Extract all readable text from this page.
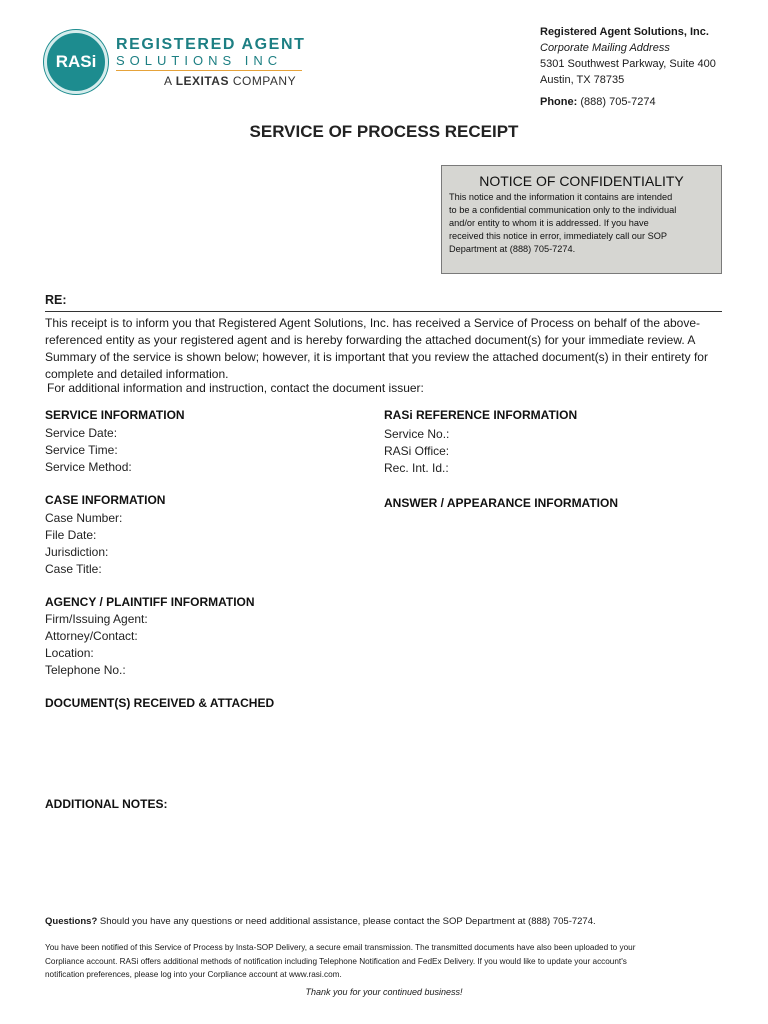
RASi
REGISTERED AGENT
SOLUTIONS INC
A LEXITAS COMPANY
Registered Agent Solutions, Inc.
Corporate Mailing Address
5301 Southwest Parkway, Suite 400
Austin, TX 78735
Phone: (888) 705-7274
SERVICE OF PROCESS RECEIPT
NOTICE OF CONFIDENTIALITY
This notice and the information it contains are intended
to be a confidential communication only to the individual
and/or entity to whom it is addressed. If you have
received this notice in error, immediately call our SOP
Department at (888) 705-7274.
RE:
This receipt is to inform you that Registered Agent Solutions, Inc. has received a Service of Process on behalf of the above-referenced entity as your registered agent and is hereby forwarding the attached document(s) for your immediate review. A Summary of the service is shown below; however, it is important that you review the attached document(s) in their entirety for complete and detailed information.
For additional information and instruction, contact the document issuer:
SERVICE INFORMATION
Service Date:
Service Time:
Service Method:
RASi REFERENCE INFORMATION
Service No.:
RASi Office:
Rec. Int. Id.:
CASE INFORMATION
Case Number:
File Date:
Jurisdiction:
Case Title:
ANSWER / APPEARANCE INFORMATION
AGENCY / PLAINTIFF INFORMATION
Firm/Issuing Agent:
Attorney/Contact:
Location:
Telephone No.:
DOCUMENT(S) RECEIVED & ATTACHED
ADDITIONAL NOTES:
Questions? Should you have any questions or need additional assistance, please contact the SOP Department at (888) 705-7274.
You have been notified of this Service of Process by Insta-SOP Delivery, a secure email transmission. The transmitted documents have also been uploaded to your
Corpliance account. RASi offers additional methods of notification including Telephone Notification and FedEx Delivery. If you would like to update your account's
notification preferences, please log into your Corpliance account at www.rasi.com.
Thank you for your continued business!
